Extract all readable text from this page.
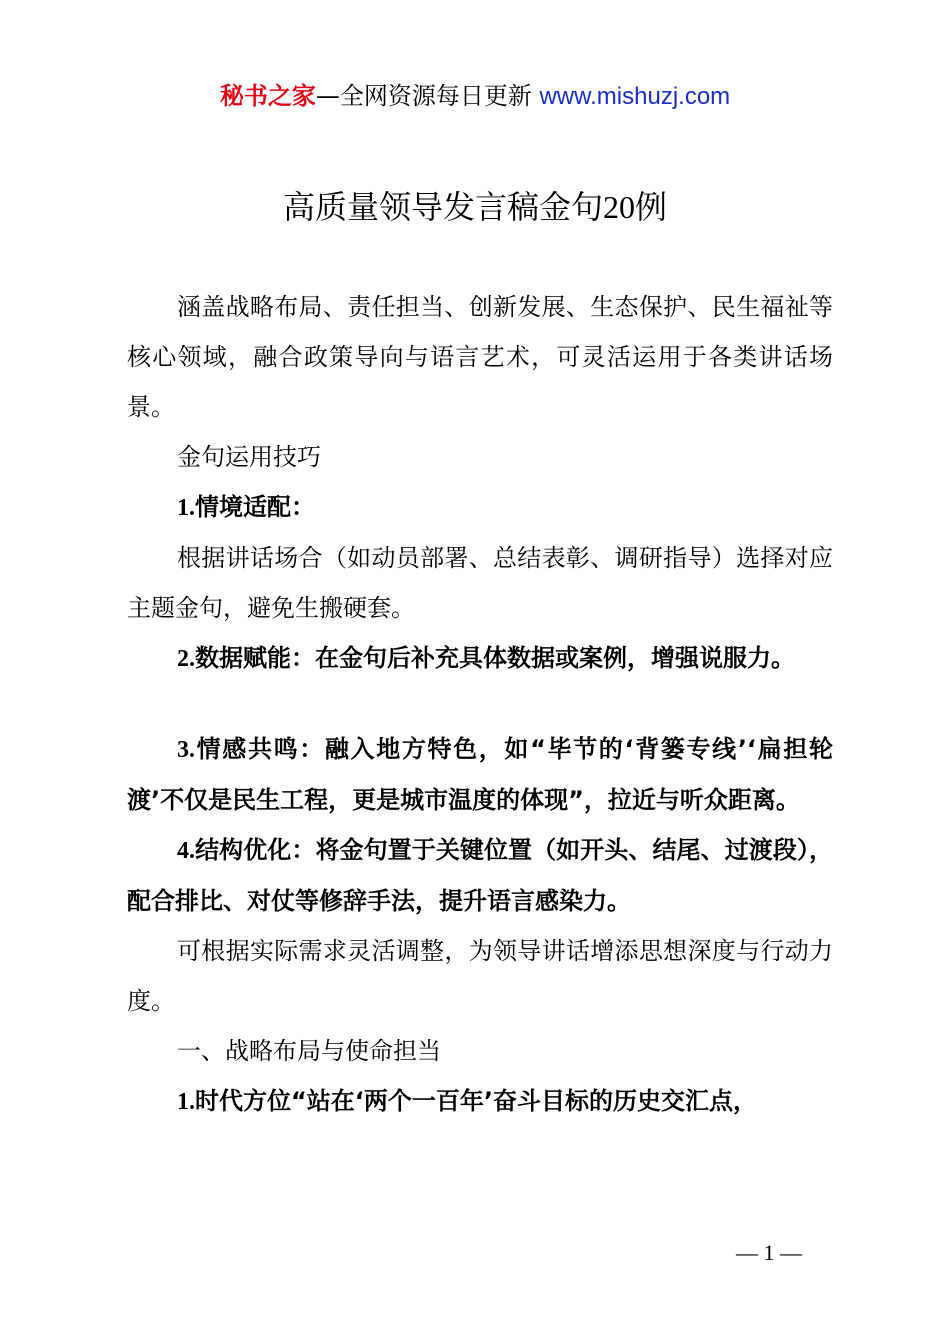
秘书之家—全网资源每日更新 www.mishuzj.com
高质量领导发言稿金句20例

涵盖战略布局、责任担当、创新发展、生态保护、民生福祉等核心领域，融合政策导向与语言艺术，可灵活运用于各类讲话场景。

金句运用技巧

1.情境适配：

根据讲话场合（如动员部署、总结表彰、调研指导）选择对应主题金句，避免生搬硬套。

2.数据赋能：在金句后补充具体数据或案例，增强说服力。

3.情感共鸣：融入地方特色，如“毕节的‘背篓专线’‘扁担轮渡’不仅是民生工程，更是城市温度的体现”，拉近与听众距离。

4.结构优化：将金句置于关键位置（如开头、结尾、过渡段），配合排比、对仗等修辞手法，提升语言感染力。

可根据实际需求灵活调整，为领导讲话增添思想深度与行动力度。

一、战略布局与使命担当

1.时代方位“站在‘两个一百年’奋斗目标的历史交汇点，

— 1 —
